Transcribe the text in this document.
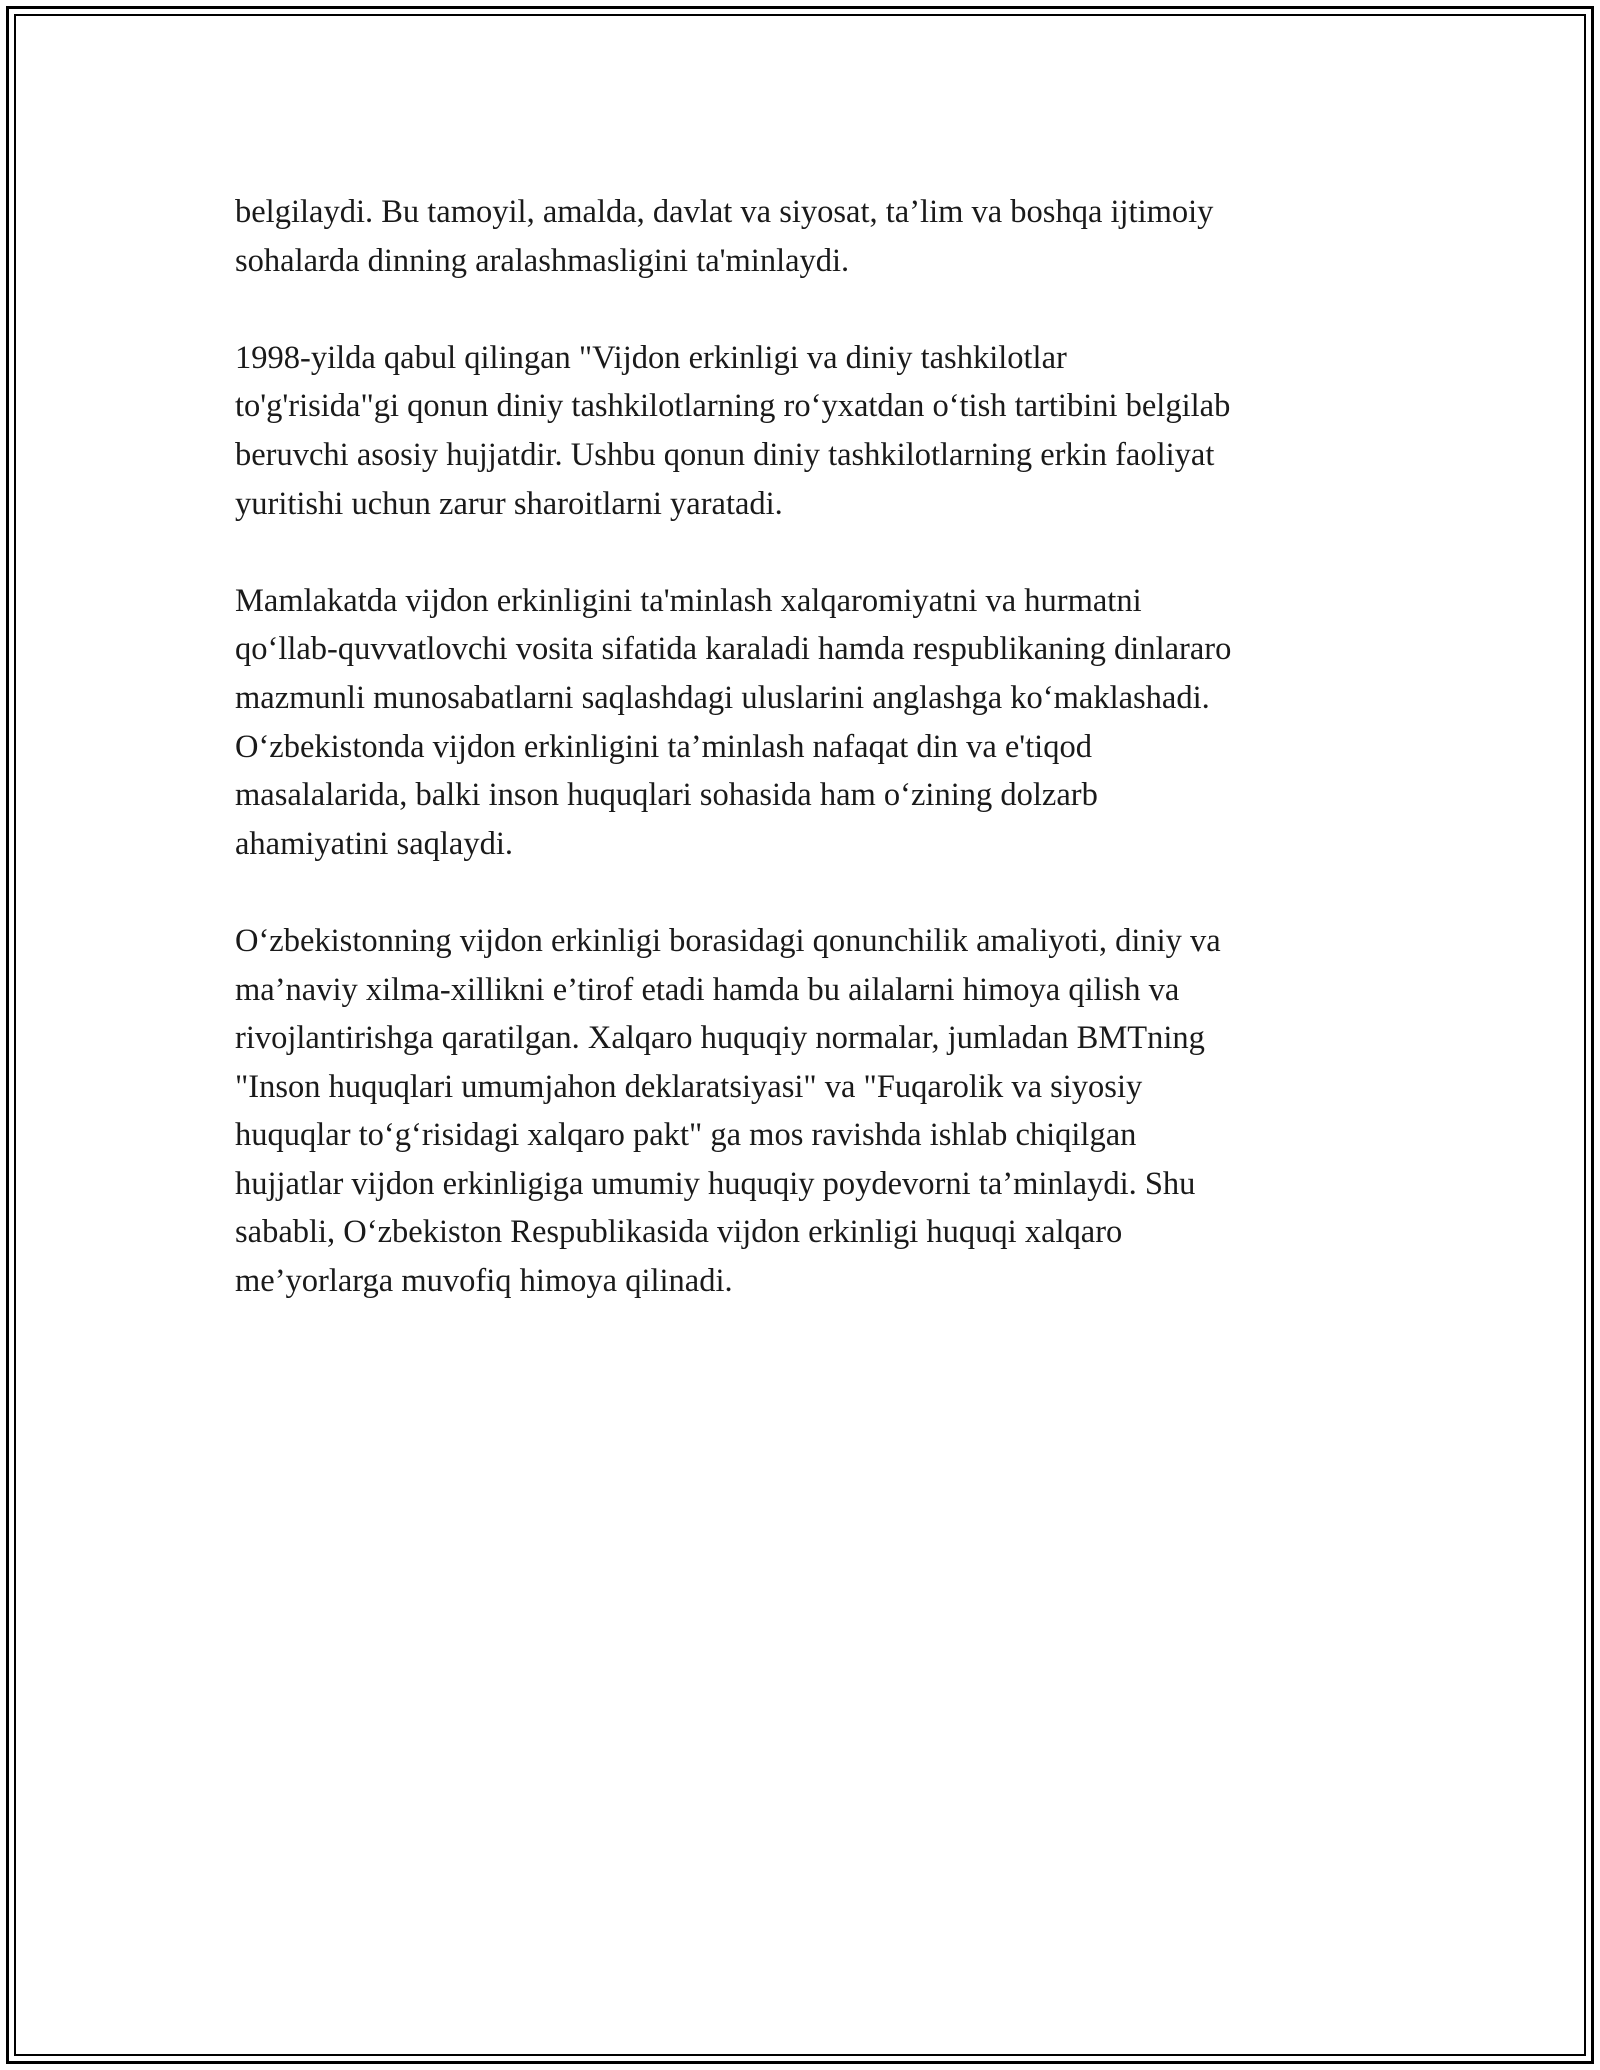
belgilaydi. Bu tamoyil, amalda, davlat va siyosat, ta’lim va boshqa ijtimoiy
sohalarda dinning aralashmasligini ta'minlaydi.
1998-yilda qabul qilingan "Vijdon erkinligi va diniy tashkilotlar
to'g'risida"gi qonun diniy tashkilotlarning ro‘yxatdan o‘tish tartibini belgilab
beruvchi asosiy hujjatdir. Ushbu qonun diniy tashkilotlarning erkin faoliyat
yuritishi uchun zarur sharoitlarni yaratadi.
Mamlakatda vijdon erkinligini ta'minlash xalqaromiyatni va hurmatni
qo‘llab-quvvatlovchi vosita sifatida karaladi hamda respublikaning dinlararo
mazmunli munosabatlarni saqlashdagi uluslarini anglashga ko‘maklashadi.
O‘zbekistonda vijdon erkinligini ta’minlash nafaqat din va e'tiqod
masalalarida, balki inson huquqlari sohasida ham o‘zining dolzarb
ahamiyatini saqlaydi.
O‘zbekistonning vijdon erkinligi borasidagi qonunchilik amaliyoti, diniy va
ma’naviy xilma-xillikni e’tirof etadi hamda bu ailalarni himoya qilish va
rivojlantirishga qaratilgan. Xalqaro huquqiy normalar, jumladan BMTning
"Inson huquqlari umumjahon deklaratsiyasi" va "Fuqarolik va siyosiy
huquqlar to‘g‘risidagi xalqaro pakt" ga mos ravishda ishlab chiqilgan
hujjatlar vijdon erkinligiga umumiy huquqiy poydevorni ta’minlaydi. Shu
sababli, O‘zbekiston Respublikasida vijdon erkinligi huquqi xalqaro
me’yorlarga muvofiq himoya qilinadi.
